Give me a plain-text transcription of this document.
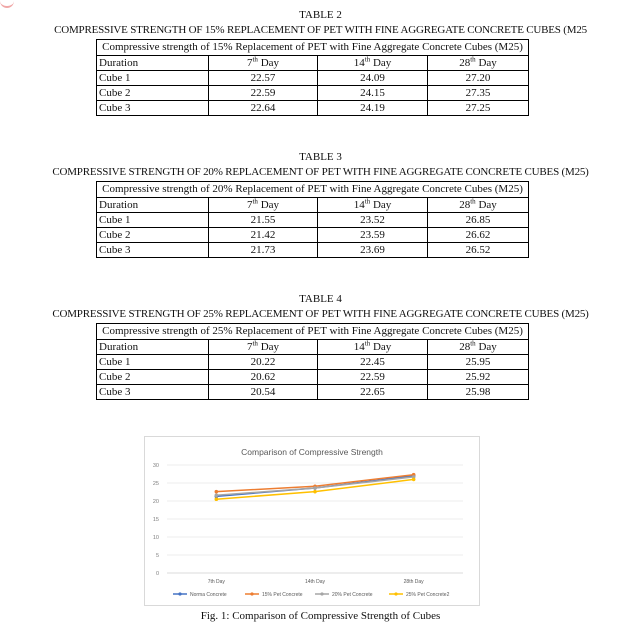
TABLE 2
COMPRESSIVE STRENGTH OF 15% REPLACEMENT OF PET WITH FINE AGGREGATE CONCRETE CUBES (M25
Compressive strength of 15% Replacement of PET with Fine Aggregate Concrete Cubes (M25)			
Duration	7th Day	14th Day	28th Day
Cube 1	22.57	24.09	27.20
Cube 2	22.59	24.15	27.35
Cube 3	22.64	24.19	27.25
TABLE 3
COMPRESSIVE STRENGTH OF 20% REPLACEMENT OF PET WITH FINE AGGREGATE CONCRETE CUBES (M25)
Compressive strength of 20% Replacement of PET with Fine Aggregate Concrete Cubes (M25)			
Duration	7th Day	14th Day	28th Day
Cube 1	21.55	23.52	26.85
Cube 2	21.42	23.59	26.62
Cube 3	21.73	23.69	26.52
TABLE 4
COMPRESSIVE STRENGTH OF 25% REPLACEMENT OF PET WITH FINE AGGREGATE CONCRETE CUBES (M25)
Compressive strength of 25% Replacement of PET with Fine Aggregate Concrete Cubes (M25)			
Duration	7th Day	14th Day	28th Day
Cube 1	20.22	22.45	25.95
Cube 2	20.62	22.59	25.92
Cube 3	20.54	22.65	25.98
Comparison of Compressive Strength
0
5
10
15
20
25
30
7th Day	14th Day	28th Day
Norma Concrete	15% Pet Concrete	20% Pet Concrete	25% Pet Concrete2
Fig. 1: Comparison of Compressive Strength of Cubes
